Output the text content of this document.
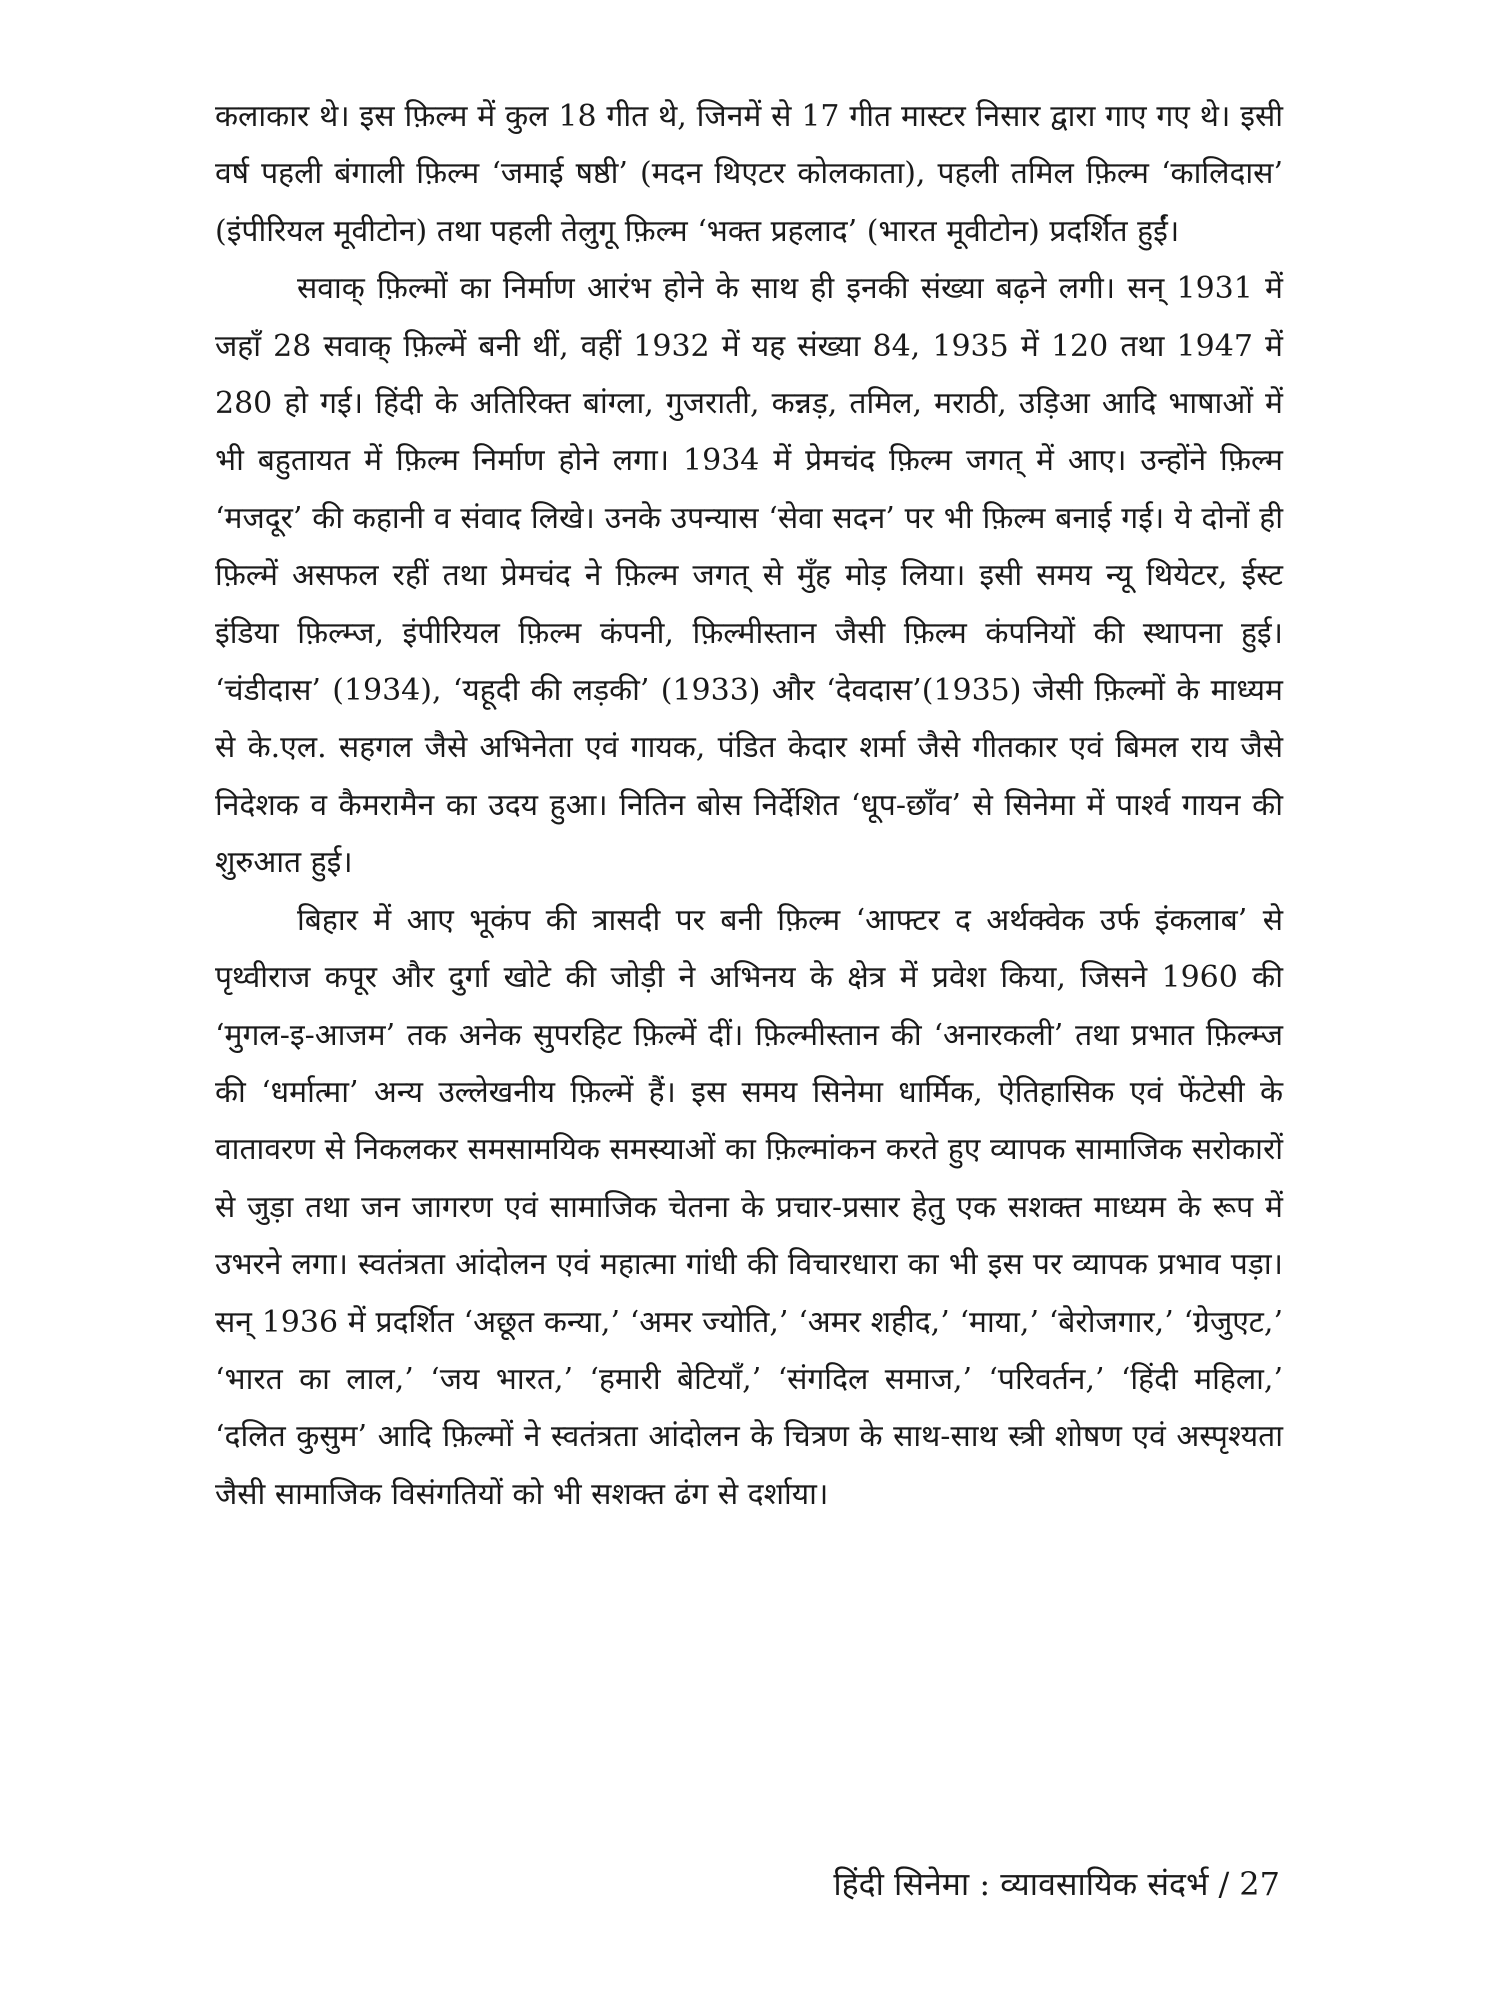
कलाकार थे। इस फ़िल्म में कुल 18 गीत थे, जिनमें से 17 गीत मास्टर निसार द्वारा गाए गए थे। इसी वर्ष पहली बंगाली फ़िल्म ‘जमाई षष्ठी’ (मदन थिएटर कोलकाता), पहली तमिल फ़िल्म ‘कालिदास’ (इंपीरियल मूवीटोन) तथा पहली तेलुगू फ़िल्म ‘भक्त प्रहलाद’ (भारत मूवीटोन) प्रदर्शित हुईं।

सवाक् फ़िल्मों का निर्माण आरंभ होने के साथ ही इनकी संख्या बढ़ने लगी। सन् 1931 में जहाँ 28 सवाक् फ़िल्में बनी थीं, वहीं 1932 में यह संख्या 84, 1935 में 120 तथा 1947 में 280 हो गई। हिंदी के अतिरिक्त बांग्ला, गुजराती, कन्नड़, तमिल, मराठी, उड़िआ आदि भाषाओं में भी बहुतायत में फ़िल्म निर्माण होने लगा। 1934 में प्रेमचंद फ़िल्म जगत् में आए। उन्होंने फ़िल्म ‘मजदूर’ की कहानी व संवाद लिखे। उनके उपन्यास ‘सेवा सदन’ पर भी फ़िल्म बनाई गई। ये दोनों ही फ़िल्में असफल रहीं तथा प्रेमचंद ने फ़िल्म जगत् से मुँह मोड़ लिया। इसी समय न्यू थियेटर, ईस्ट इंडिया फ़िल्म्ज, इंपीरियल फ़िल्म कंपनी, फ़िल्मीस्तान जैसी फ़िल्म कंपनियों की स्थापना हुई। ‘चंडीदास’ (1934), ‘यहूदी की लड़की’ (1933) और ‘देवदास’(1935) जेसी फ़िल्मों के माध्यम से के.एल. सहगल जैसे अभिनेता एवं गायक, पंडित केदार शर्मा जैसे गीतकार एवं बिमल राय जैसे निदेशक व कैमरामैन का उदय हुआ। नितिन बोस निर्देशित ‘धूप-छाँव’ से सिनेमा में पार्श्व गायन की शुरुआत हुई।

बिहार में आए भूकंप की त्रासदी पर बनी फ़िल्म ‘आफ्टर द अर्थक्वेक उर्फ इंकलाब’ से पृथ्वीराज कपूर और दुर्गा खोटे की जोड़ी ने अभिनय के क्षेत्र में प्रवेश किया, जिसने 1960 की ‘मुगल-इ-आजम’ तक अनेक सुपरहिट फ़िल्में दीं। फ़िल्मीस्तान की ‘अनारकली’ तथा प्रभात फ़िल्म्ज की ‘धर्मात्मा’ अन्य उल्लेखनीय फ़िल्में हैं। इस समय सिनेमा धार्मिक, ऐतिहासिक एवं फेंटेसी के वातावरण से निकलकर समसामयिक समस्याओं का फ़िल्मांकन करते हुए व्यापक सामाजिक सरोकारों से जुड़ा तथा जन जागरण एवं सामाजिक चेतना के प्रचार-प्रसार हेतु एक सशक्त माध्यम के रूप में उभरने लगा। स्वतंत्रता आंदोलन एवं महात्मा गांधी की विचारधारा का भी इस पर व्यापक प्रभाव पड़ा। सन् 1936 में प्रदर्शित ‘अछूत कन्या,’ ‘अमर ज्योति,’ ‘अमर शहीद,’ ‘माया,’ ‘बेरोजगार,’ ‘ग्रेजुएट,’ ‘भारत का लाल,’ ‘जय भारत,’ ‘हमारी बेटियाँ,’ ‘संगदिल समाज,’ ‘परिवर्तन,’ ‘हिंदी महिला,’ ‘दलित कुसुम’ आदि फ़िल्मों ने स्वतंत्रता आंदोलन के चित्रण के साथ-साथ स्त्री शोषण एवं अस्पृश्यता जैसी सामाजिक विसंगतियों को भी सशक्त ढंग से दर्शाया।

हिंदी सिनेमा : व्यावसायिक संदर्भ / 27
